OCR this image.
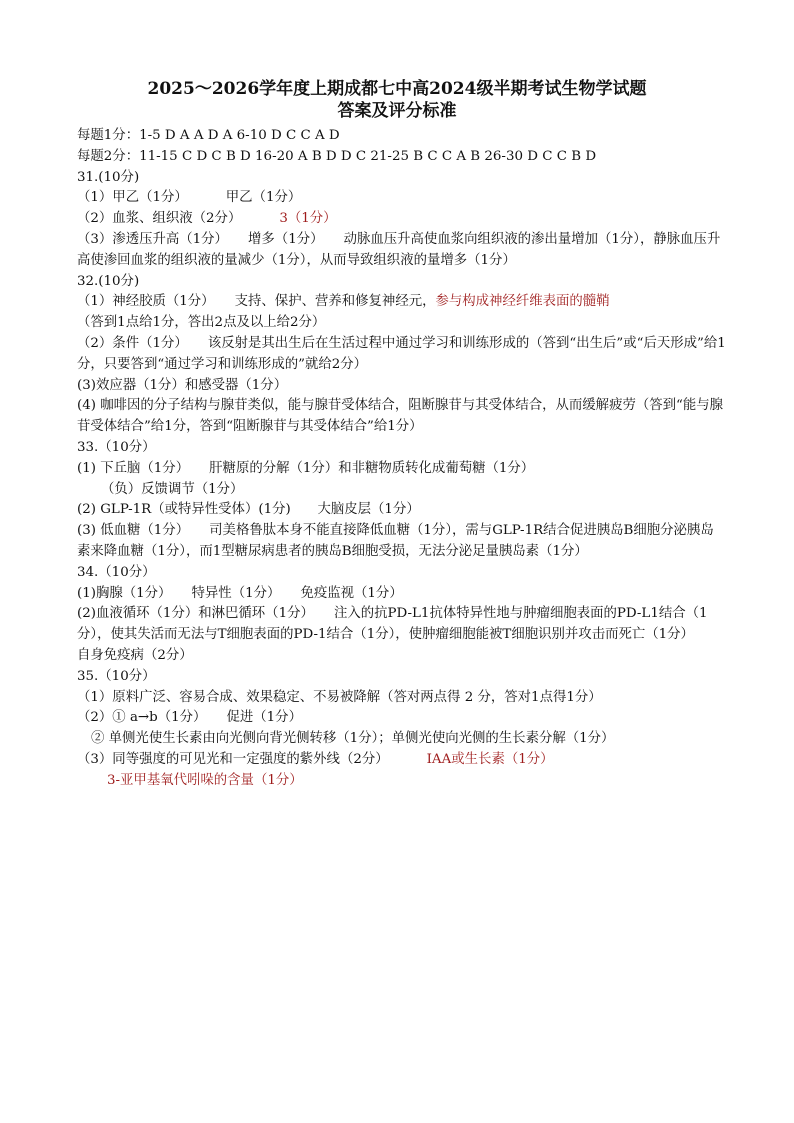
2025～2026学年度上期成都七中高2024级半期考试生物学试题
答案及评分标准
每题1分：1-5 D A A D A 6-10 D C C A D
每题2分：11-15 C D C B D 16-20 A B D D C 21-25 B C C A B 26-30 D C C B D
31.(10分)
（1）甲乙（1分）	甲乙（1分）
（2）血浆、组织液（2分）	3（1分）
（3）渗透压升高（1分）　　增多（1分）　　动脉血压升高使血浆向组织液的渗出量增加（1分），静脉血压升高使渗回血浆的组织液的量减少（1分），从而导致组织液的量增多（1分）
32.(10分)
（1）神经胶质（1分）　　支持、保护、营养和修复神经元，参与构成神经纤维表面的髓鞘
（答到1点给1分，答出2点及以上给2分）
（2）条件（1分）　　该反射是其出生后在生活过程中通过学习和训练形成的（答到“出生后”或“后天形成”给1分，只要答到“通过学习和训练形成的”就给2分）
(3)效应器（1分）和感受器（1分）
(4) 咖啡因的分子结构与腺苷类似，能与腺苷受体结合，阻断腺苷与其受体结合，从而缓解疲劳（答到“能与腺苷受体结合”给1分，答到“阻断腺苷与其受体结合”给1分）
33.（10分）
(1) 下丘脑（1分）　　肝糖原的分解（1分）和非糖物质转化成葡萄糖（1分）
（负）反馈调节（1分）
(2) GLP-1R（或特异性受体）(1分)　　大脑皮层（1分）
(3) 低血糖（1分）　　司美格鲁肽本身不能直接降低血糖（1分），需与GLP-1R结合促进胰岛B细胞分泌胰岛素来降血糖（1分），而1型糖尿病患者的胰岛B细胞受损，无法分泌足量胰岛素（1分）
34.（10分）
(1)胸腺（1分）　　特异性（1分）　　免疫监视（1分）
(2)血液循环（1分）和淋巴循环（1分）　　注入的抗PD-L1抗体特异性地与肿瘤细胞表面的PD-L1结合（1分），使其失活而无法与T细胞表面的PD-1结合（1分），使肿瘤细胞能被T细胞识别并攻击而死亡（1分）　　自身免疫病（2分）
35.（10分）
（1）原料广泛、容易合成、效果稳定、不易被降解（答对两点得 2 分，答对1点得1分）
（2）① a→b（1分）　　促进（1分）
② 单侧光使生长素由向光侧向背光侧转移（1分）；单侧光使向光侧的生长素分解（1分）
（3）同等强度的可见光和一定强度的紫外线（2分）	IAA或生长素（1分）
3-亚甲基氧代吲哚的含量（1分）
